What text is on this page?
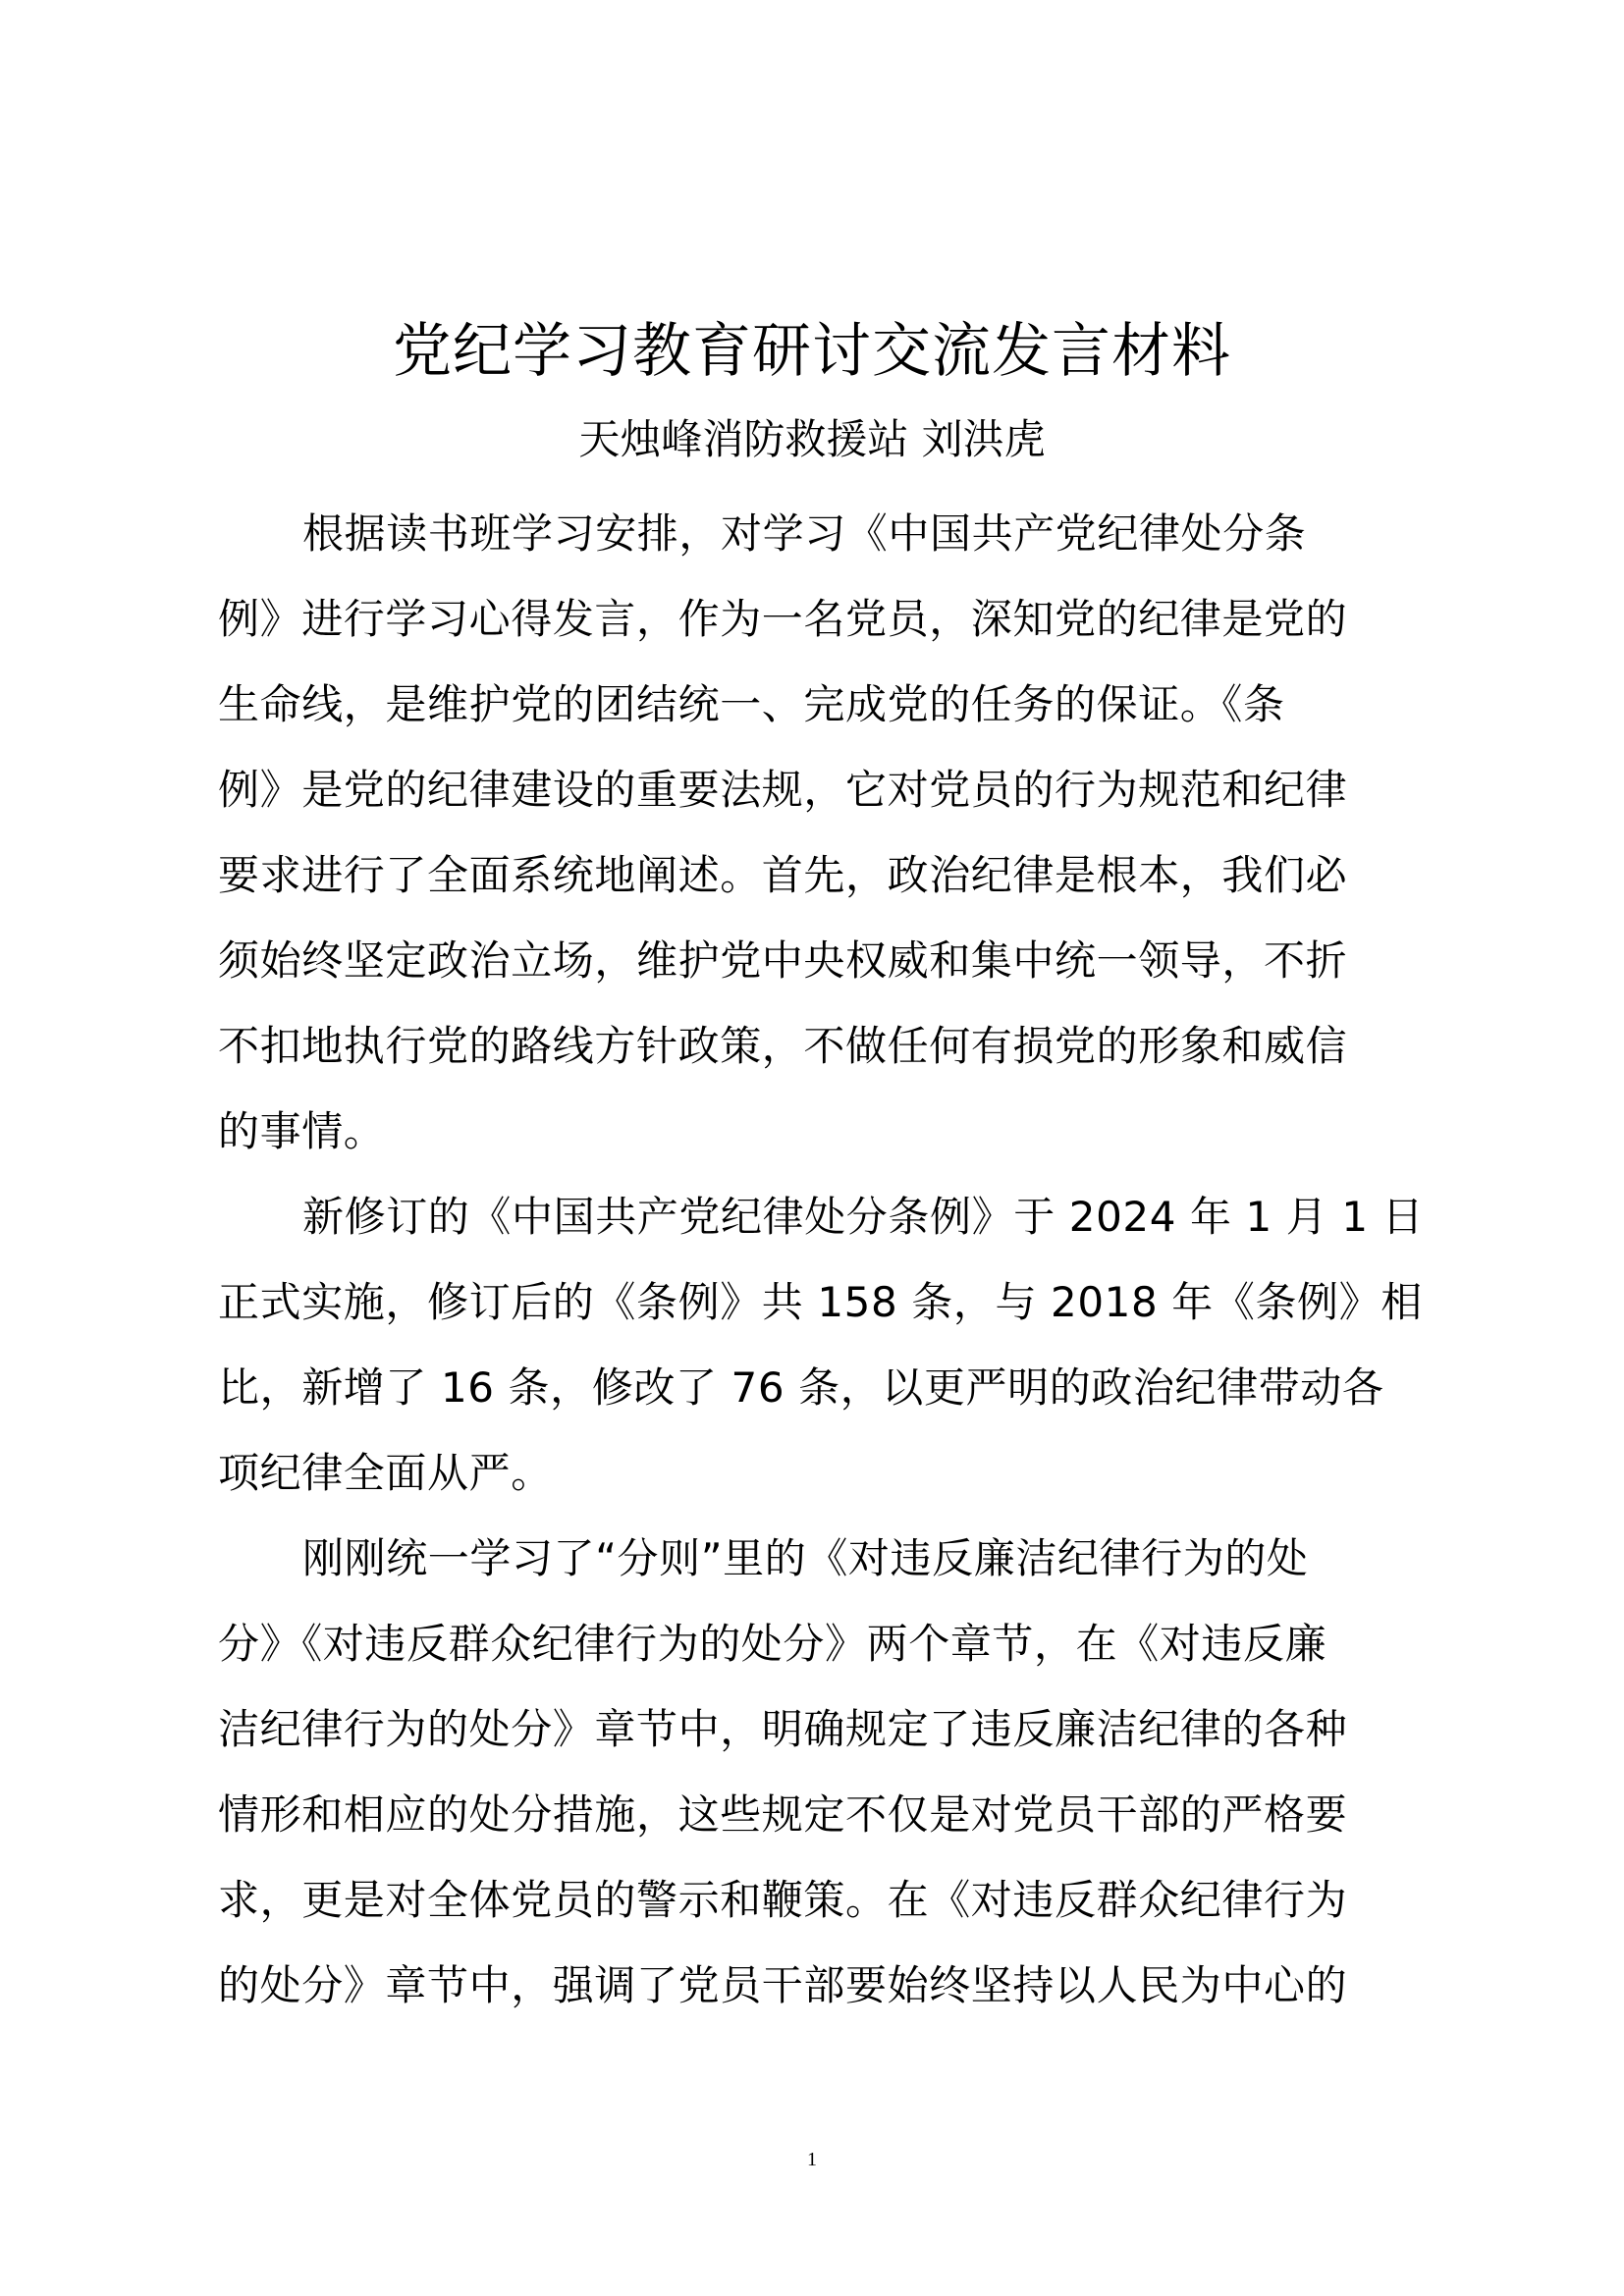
党纪学习教育研讨交流发言材料
天烛峰消防救援站 刘洪虎
根据读书班学习安排，对学习《中国共产党纪律处分条
例》进行学习心得发言，作为一名党员，深知党的纪律是党的
生命线，是维护党的团结统一、完成党的任务的保证。《条
例》是党的纪律建设的重要法规，它对党员的行为规范和纪律
要求进行了全面系统地阐述。首先，政治纪律是根本，我们必
须始终坚定政治立场，维护党中央权威和集中统一领导，不折
不扣地执行党的路线方针政策，不做任何有损党的形象和威信
的事情。
新修订的《中国共产党纪律处分条例》于 2024 年 1 月 1 日
正式实施，修订后的《条例》共 158 条，与 2018 年《条例》相
比，新增了 16 条，修改了 76 条，以更严明的政治纪律带动各
项纪律全面从严。
刚刚统一学习了“分则”里的《对违反廉洁纪律行为的处
分》《对违反群众纪律行为的处分》两个章节，在《对违反廉
洁纪律行为的处分》章节中，明确规定了违反廉洁纪律的各种
情形和相应的处分措施，这些规定不仅是对党员干部的严格要
求，更是对全体党员的警示和鞭策。在《对违反群众纪律行为
的处分》章节中，强调了党员干部要始终坚持以人民为中心的
1
